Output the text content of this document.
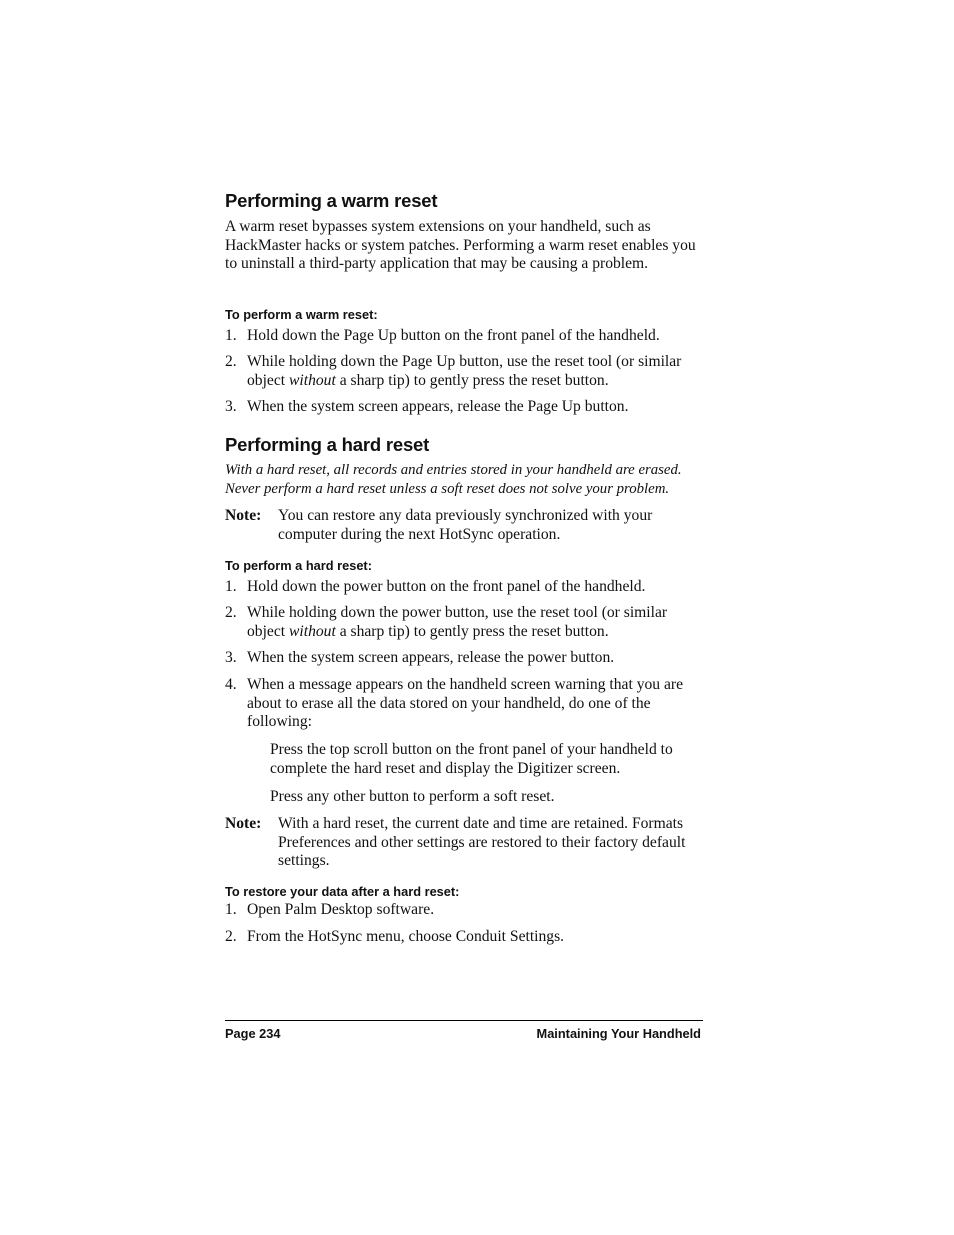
Performing a warm reset

A warm reset bypasses system extensions on your handheld, such as HackMaster hacks or system patches. Performing a warm reset enables you to uninstall a third-party application that may be causing a problem.

To perform a warm reset:

1. Hold down the Page Up button on the front panel of the handheld.
2. While holding down the Page Up button, use the reset tool (or similar object without a sharp tip) to gently press the reset button.
3. When the system screen appears, release the Page Up button.
Performing a hard reset

With a hard reset, all records and entries stored in your handheld are erased. Never perform a hard reset unless a soft reset does not solve your problem.

Note: You can restore any data previously synchronized with your computer during the next HotSync operation.

To perform a hard reset:

1. Hold down the power button on the front panel of the handheld.
2. While holding down the power button, use the reset tool (or similar object without a sharp tip) to gently press the reset button.
3. When the system screen appears, release the power button.
4. When a message appears on the handheld screen warning that you are about to erase all the data stored on your handheld, do one of the following:

Press the top scroll button on the front panel of your handheld to complete the hard reset and display the Digitizer screen.

Press any other button to perform a soft reset.

Note: With a hard reset, the current date and time are retained. Formats Preferences and other settings are restored to their factory default settings.

To restore your data after a hard reset:

1. Open Palm Desktop software.
2. From the HotSync menu, choose Conduit Settings.
Page 234	Maintaining Your Handheld
